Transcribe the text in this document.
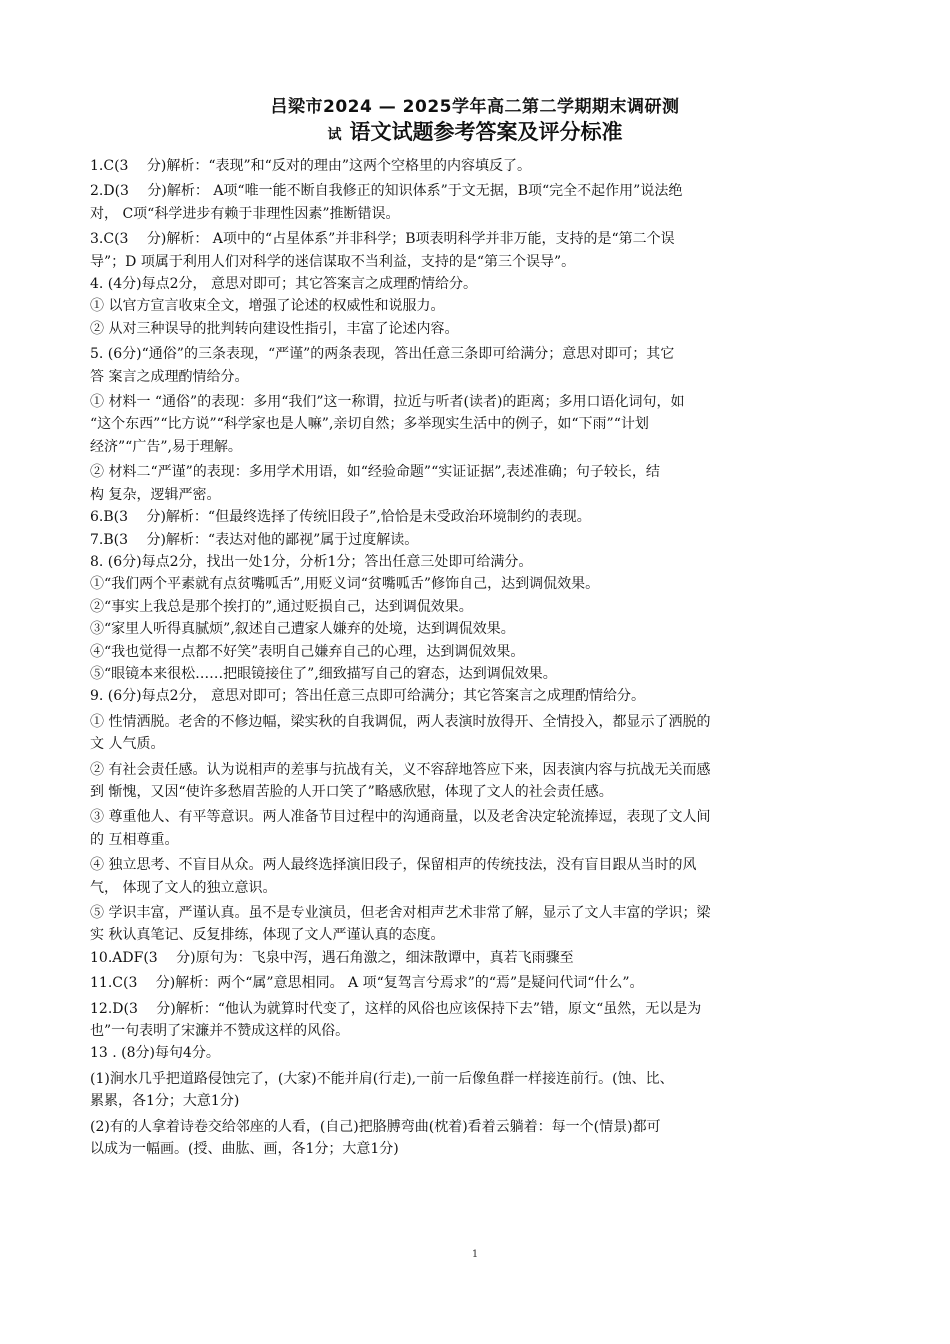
吕梁市2024 — 2025学年高二第二学期期末调研测
试 语文试题参考答案及评分标准

1.C(3　 分)解析：“表现”和“反对的理由”这两个空格里的内容填反了。

2.D(3　 分)解析： A项“唯一能不断自我修正的知识体系”于文无据，B项“完全不起作用”说法绝

对， C项“科学进步有赖于非理性因素”推断错误。

3.C(3　 分)解析： A项中的“占星体系”并非科学；B项表明科学并非万能，支持的是“第二个误

导”；D 项属于利用人们对科学的迷信谋取不当利益，支持的是“第三个误导”。

4. (4分)每点2分， 意思对即可；其它答案言之成理酌情给分。

① 以官方宣言收束全文，增强了论述的权威性和说服力。

② 从对三种误导的批判转向建设性指引，丰富了论述内容。

5. (6分)“通俗”的三条表现，“严谨”的两条表现，答出任意三条即可给满分；意思对即可；其它

答 案言之成理酌情给分。

① 材料一 “通俗”的表现：多用“我们”这一称谓，拉近与听者(读者)的距离；多用口语化词句，如

“这个东西”“比方说”“科学家也是人嘛”,亲切自然；多举现实生活中的例子，如“下雨”“计划

经济”“广告”,易于理解。

② 材料二“严谨”的表现：多用学术用语，如“经验命题”“实证证据”,表述准确；句子较长，结

构 复杂，逻辑严密。

6.B(3　 分)解析：“但最终选择了传统旧段子”,恰恰是未受政治环境制约的表现。

7.B(3　 分)解析：“表达对他的鄙视”属于过度解读。

8. (6分)每点2分，找出一处1分，分析1分；答出任意三处即可给满分。

①“我们两个平素就有点贫嘴呱舌”,用贬义词“贫嘴呱舌”修饰自己，达到调侃效果。

②“事实上我总是那个挨打的”,通过贬损自己，达到调侃效果。

③“家里人听得真腻烦”,叙述自己遭家人嫌弃的处境，达到调侃效果。

④“我也觉得一点都不好笑”表明自己嫌弃自己的心理，达到调侃效果。

⑤“眼镜本来很松……把眼镜接住了”,细致描写自己的窘态，达到调侃效果。

9. (6分)每点2分， 意思对即可；答出任意三点即可给满分；其它答案言之成理酌情给分。

① 性情洒脱。老舍的不修边幅，梁实秋的自我调侃，两人表演时放得开、全情投入，都显示了洒脱的

文 人气质。

② 有社会责任感。认为说相声的差事与抗战有关，义不容辞地答应下来，因表演内容与抗战无关而感

到 惭愧，又因“使许多愁眉苦脸的人开口笑了”略感欣慰，体现了文人的社会责任感。

③ 尊重他人、有平等意识。两人准备节目过程中的沟通商量，以及老舍决定轮流捧逗，表现了文人间

的 互相尊重。

④ 独立思考、不盲目从众。两人最终选择演旧段子，保留相声的传统技法，没有盲目跟从当时的风

气， 体现了文人的独立意识。

⑤ 学识丰富，严谨认真。虽不是专业演员，但老舍对相声艺术非常了解，显示了文人丰富的学识；梁

实 秋认真笔记、反复排练，体现了文人严谨认真的态度。

10.ADF(3　 分)原句为：飞泉中泻，遇石角激之，细沫散谭中，真若飞雨骤至

11.C(3　 分)解析：两个“属”意思相同。 A 项“复驾言兮焉求”的“焉”是疑问代词“什么”。

12.D(3　 分)解析：“他认为就算时代变了，这样的风俗也应该保持下去”错，原文“虽然，无以是为

也”一句表明了宋濂并不赞成这样的风俗。

13 . (8分)每句4分。

(1)涧水几乎把道路侵蚀完了，(大家)不能并肩(行走),一前一后像鱼群一样接连前行。(蚀、比、

累累，各1分；大意1分)

(2)有的人拿着诗卷交给邻座的人看，(自己)把胳膊弯曲(枕着)看着云躺着：每一个(情景)都可

以成为一幅画。(授、曲肱、画，各1分；大意1分)

1
